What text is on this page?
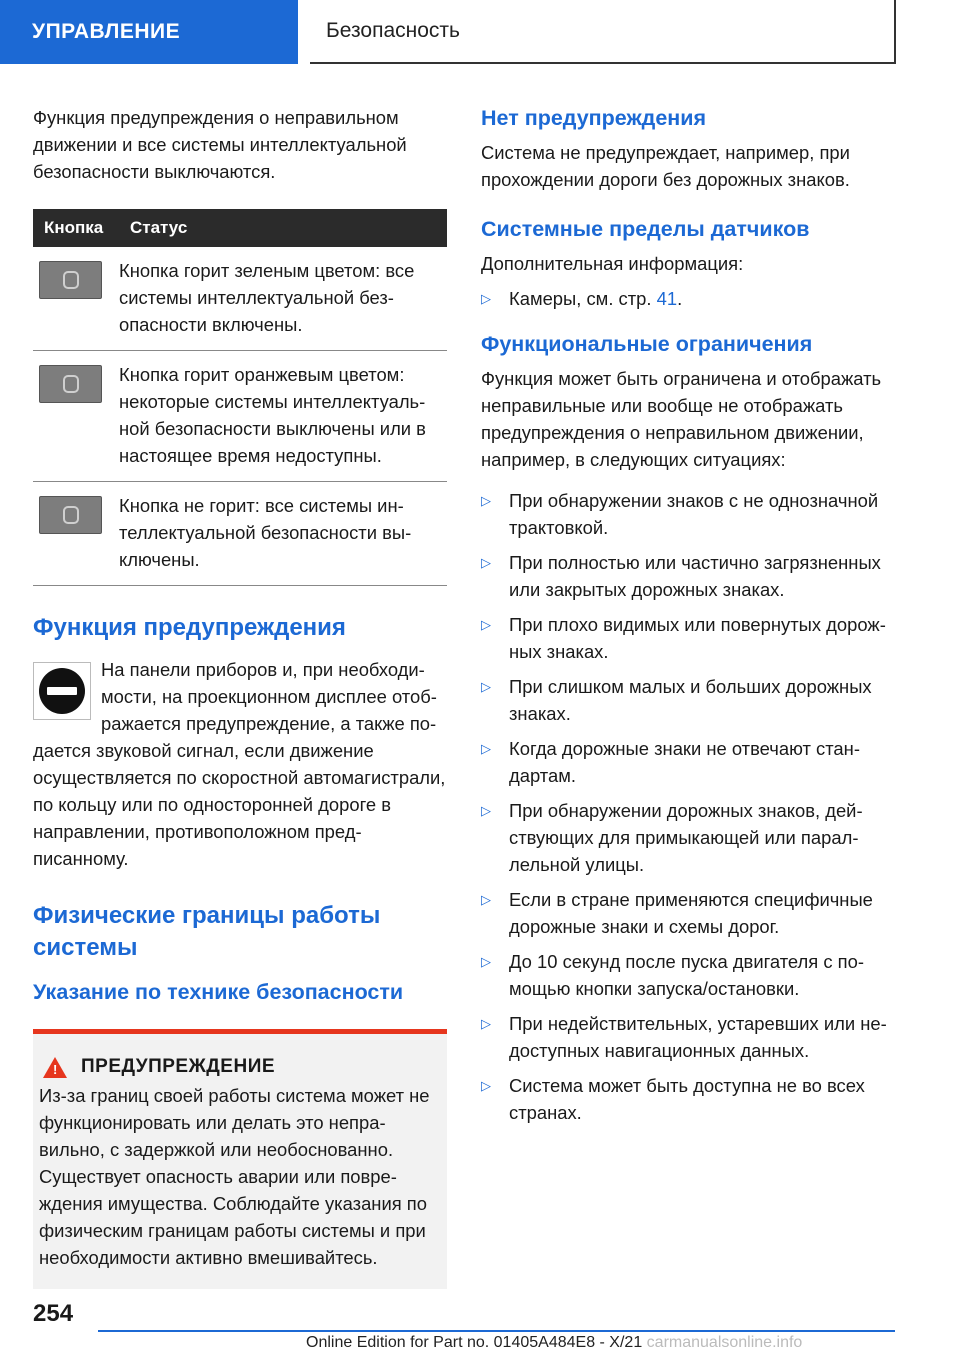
УПРАВЛЕНИЕ	Безопасность

Функция предупреждения о неправильном движении и все системы интеллектуальной безопасности выключаются.

Кнопка	Статус

	Кнопка горит зеленым цветом: все системы интеллектуальной безопасности включены.

	Кнопка горит оранжевым цветом: некоторые системы интеллектуальной безопасности выключены или в настоящее время недоступны.

	Кнопка не горит: все системы интеллектуальной безопасности выключены.
Функция предупреждения

На панели приборов и, при необходимости, на проекционном дисплее отображается предупреждение, а также подается звуковой сигнал, если движение осуществляется по скоростной автомагистрали, по кольцу или по односторонней дороге в направлении, противоположном предписанному.

Физические границы работы системы
Указание по технике безопасности
! ПРЕДУПРЕЖДЕНИЕ

Из-за границ своей работы система может не функционировать или делать это неправильно, с задержкой или необоснованно. Существует опасность аварии или повреждения имущества. Соблюдайте указания по физическим границам работы системы и при необходимости активно вмешивайтесь.

Нет предупреждения

Система не предупреждает, например, при прохождении дороги без дорожных знаков.

Системные пределы датчиков

Дополнительная информация:

▷ Камеры, см. стр. 41.
Функциональные ограничения

Функция может быть ограничена и отображать неправильные или вообще не отображать предупреждения о неправильном движении, например, в следующих ситуациях:

▷ При обнаружении знаков с не однозначной трактовкой.
▷ При полностью или частично загрязненных или закрытых дорожных знаках.
▷ При плохо видимых или повернутых дорожных знаках.
▷ При слишком малых и больших дорожных знаках.
▷ Когда дорожные знаки не отвечают стандартам.
▷ При обнаружении дорожных знаков, действующих для примыкающей или параллельной улицы.
▷ Если в стране применяются специфичные дорожные знаки и схемы дорог.
▷ До 10 секунд после пуска двигателя с помощью кнопки запуска/остановки.
▷ При недействительных, устаревших или недоступных навигационных данных.
▷ Система может быть доступна не во всех странах.
254
Online Edition for Part no. 01405A484E8 - X/21 carmanualsonline.info
